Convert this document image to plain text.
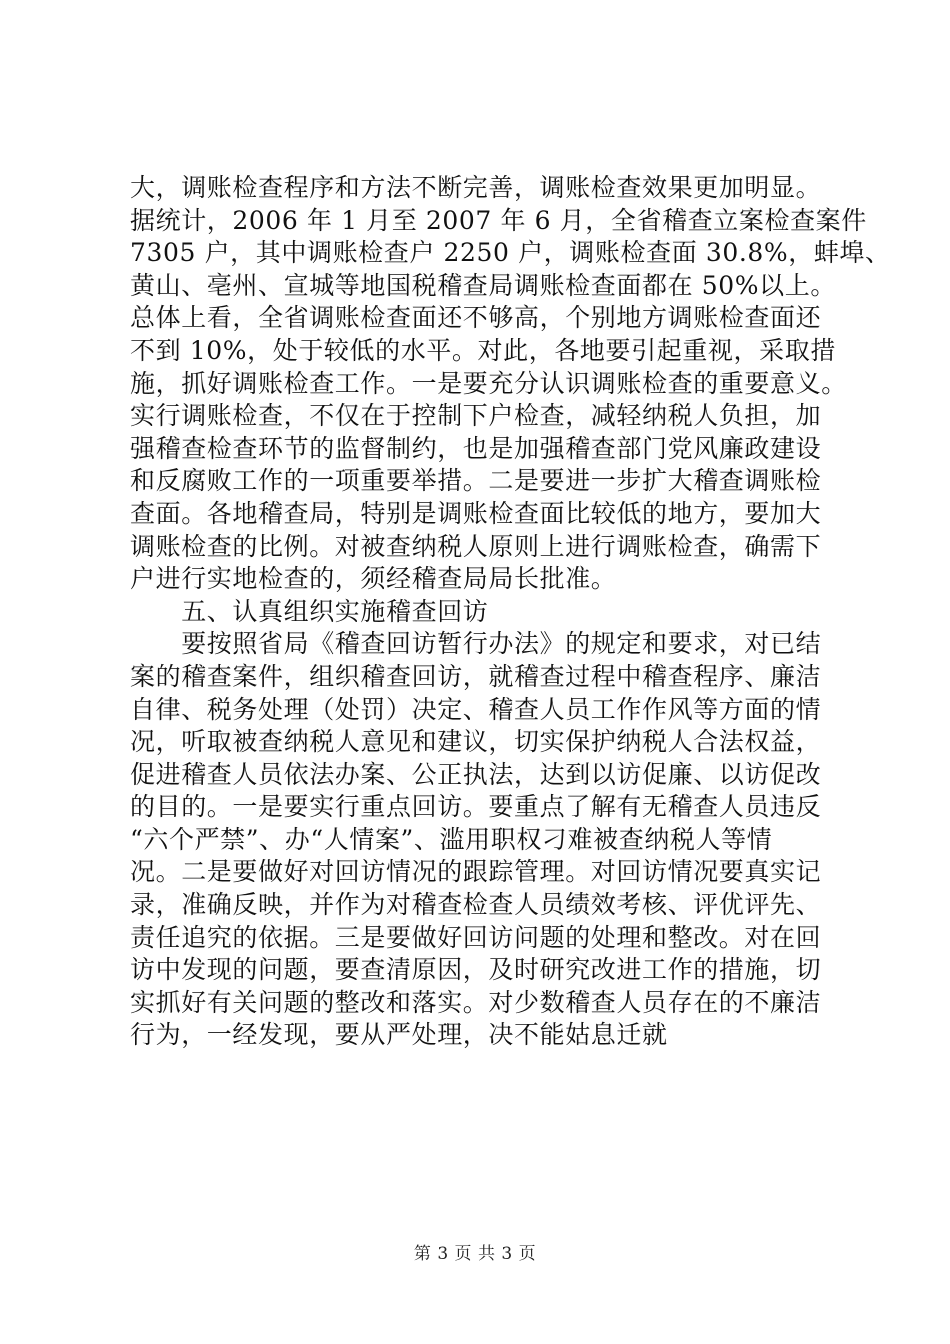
大，调账检查程序和方法不断完善，调账检查效果更加明显。
据统计，2006 年 1 月至 2007 年 6 月，全省稽查立案检查案件
7305 户，其中调账检查户 2250 户，调账检查面 30.8%，蚌埠、
黄山、亳州、宣城等地国税稽查局调账检查面都在 50%以上。
总体上看，全省调账检查面还不够高，个别地方调账检查面还
不到 10%，处于较低的水平。对此，各地要引起重视，采取措
施，抓好调账检查工作。一是要充分认识调账检查的重要意义。
实行调账检查，不仅在于控制下户检查，减轻纳税人负担，加
强稽查检查环节的监督制约，也是加强稽查部门党风廉政建设
和反腐败工作的一项重要举措。二是要进一步扩大稽查调账检
查面。各地稽查局，特别是调账检查面比较低的地方，要加大
调账检查的比例。对被查纳税人原则上进行调账检查，确需下
户进行实地检查的，须经稽查局局长批准。
　　五、认真组织实施稽查回访
　　要按照省局《稽查回访暂行办法》的规定和要求，对已结
案的稽查案件，组织稽查回访，就稽查过程中稽查程序、廉洁
自律、税务处理（处罚）决定、稽查人员工作作风等方面的情
况，听取被查纳税人意见和建议，切实保护纳税人合法权益，
促进稽查人员依法办案、公正执法，达到以访促廉、以访促改
的目的。一是要实行重点回访。要重点了解有无稽查人员违反
“六个严禁”、办“人情案”、滥用职权刁难被查纳税人等情
况。二是要做好对回访情况的跟踪管理。对回访情况要真实记
录，准确反映，并作为对稽查检查人员绩效考核、评优评先、
责任追究的依据。三是要做好回访问题的处理和整改。对在回
访中发现的问题，要查清原因，及时研究改进工作的措施，切
实抓好有关问题的整改和落实。对少数稽查人员存在的不廉洁
行为，一经发现，要从严处理，决不能姑息迁就
第 3 页 共 3 页
